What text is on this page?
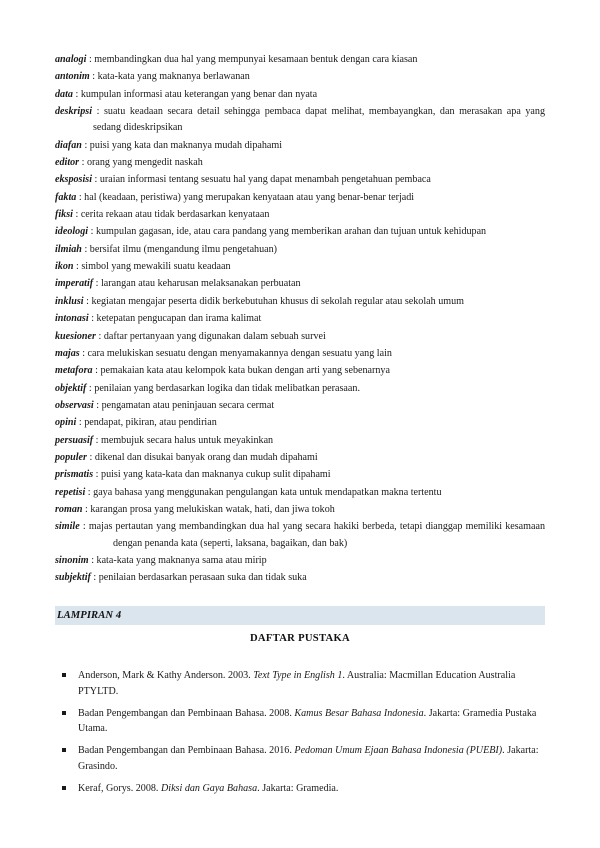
analogi : membandingkan dua hal yang mempunyai kesamaan bentuk dengan cara kiasan

antonim : kata-kata yang maknanya berlawanan

data : kumpulan informasi atau keterangan yang benar dan nyata

deskripsi : suatu keadaan secara detail sehingga pembaca dapat melihat, membayangkan, dan merasakan apa yang sedang dideskripsikan

diafan : puisi yang kata dan maknanya mudah dipahami

editor : orang yang mengedit naskah

eksposisi : uraian informasi tentang sesuatu hal yang dapat menambah pengetahuan pembaca

fakta : hal (keadaan, peristiwa) yang merupakan kenyataan atau yang benar-benar terjadi

fiksi : cerita rekaan atau tidak berdasarkan kenyataan

ideologi : kumpulan gagasan, ide, atau cara pandang yang memberikan arahan dan tujuan untuk kehidupan

ilmiah : bersifat ilmu (mengandung ilmu pengetahuan)

ikon : simbol yang mewakili suatu keadaan

imperatif : larangan atau keharusan melaksanakan perbuatan

inklusi : kegiatan mengajar peserta didik berkebutuhan khusus di sekolah regular atau sekolah umum

intonasi : ketepatan pengucapan dan irama kalimat

kuesioner : daftar pertanyaan yang digunakan dalam sebuah survei

majas : cara melukiskan sesuatu dengan menyamakannya dengan sesuatu yang lain

metafora : pemakaian kata atau kelompok kata bukan dengan arti yang sebenarnya

objektif : penilaian yang berdasarkan logika dan tidak melibatkan perasaan.

observasi : pengamatan atau peninjauan secara cermat

opini : pendapat, pikiran, atau pendirian

persuasif : membujuk secara halus untuk meyakinkan

populer : dikenal dan disukai banyak orang dan mudah dipahami

prismatis : puisi yang kata-kata dan maknanya cukup sulit dipahami

repetisi : gaya bahasa yang menggunakan pengulangan kata untuk mendapatkan makna tertentu

roman : karangan prosa yang melukiskan watak, hati, dan jiwa tokoh

simile : majas pertautan yang membandingkan dua hal yang secara hakiki berbeda, tetapi dianggap memiliki kesamaan dengan penanda kata (seperti, laksana, bagaikan, dan bak)

sinonim : kata-kata yang maknanya sama atau mirip

subjektif : penilaian berdasarkan perasaan suka dan tidak suka

LAMPIRAN 4
DAFTAR PUSTAKA
Anderson, Mark & Kathy Anderson. 2003. Text Type in English 1. Australia: Macmillan Education Australia PTYLTD.
Badan Pengembangan dan Pembinaan Bahasa. 2008. Kamus Besar Bahasa Indonesia. Jakarta: Gramedia Pustaka Utama.
Badan Pengembangan dan Pembinaan Bahasa. 2016. Pedoman Umum Ejaan Bahasa Indonesia (PUEBI). Jakarta: Grasindo.
Keraf, Gorys. 2008. Diksi dan Gaya Bahasa. Jakarta: Gramedia.
